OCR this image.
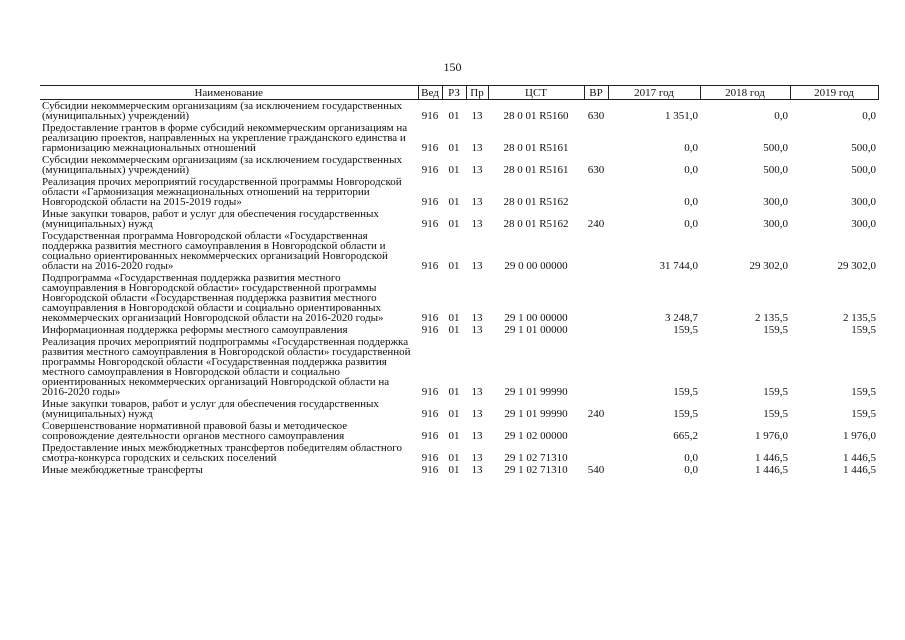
150
Наименование	Вед	РЗ	Пр	ЦСТ	ВР	2017 год	2018 год	2019 год
Субсидии некоммерческим организациям (за исключением государственных (муниципальных) учреждений)	916	01	13	28 0 01 R5160	630	1 351,0	0,0	0,0
Предоставление грантов в форме субсидий некоммерческим организациям на реализацию проектов, направленных на укрепление гражданского единства и гармонизацию межнациональных отношений	916	01	13	28 0 01 R5161		0,0	500,0	500,0
Субсидии некоммерческим организациям (за исключением государственных (муниципальных) учреждений)	916	01	13	28 0 01 R5161	630	0,0	500,0	500,0
Реализация прочих мероприятий государственной программы Новгородской области «Гармонизация межнациональных отношений на территории Новгородской области на 2015-2019 годы»	916	01	13	28 0 01 R5162		0,0	300,0	300,0
Иные закупки товаров, работ и услуг для обеспечения государственных (муниципальных) нужд	916	01	13	28 0 01 R5162	240	0,0	300,0	300,0
Государственная программа Новгородской области «Государственная поддержка развития местного самоуправления в Новгородской области и социально ориентированных некоммерческих организаций Новгородской области на 2016-2020 годы»	916	01	13	29 0 00 00000		31 744,0	29 302,0	29 302,0
Подпрограмма «Государственная поддержка развития местного самоуправления в Новгородской области» государственной программы Новгородской области «Государственная поддержка развития местного самоуправления в Новгородской области и социально ориентированных некоммерческих организаций Новгородской области на 2016-2020 годы»	916	01	13	29 1 00 00000		3 248,7	2 135,5	2 135,5
Информационная поддержка реформы местного самоуправления	916	01	13	29 1 01 00000		159,5	159,5	159,5
Реализация прочих мероприятий подпрограммы «Государственная поддержка развития местного самоуправления в Новгородской области» государственной программы Новгородской области «Государственная поддержка развития местного самоуправления в Новгородской области и социально ориентированных некоммерческих организаций Новгородской области на 2016-2020 годы»	916	01	13	29 1 01 99990		159,5	159,5	159,5
Иные закупки товаров, работ и услуг для обеспечения государственных (муниципальных) нужд	916	01	13	29 1 01 99990	240	159,5	159,5	159,5
Совершенствование нормативной правовой базы и методическое сопровождение деятельности органов местного самоуправления	916	01	13	29 1 02 00000		665,2	1 976,0	1 976,0
Предоставление иных межбюджетных трансфертов победителям областного смотра-конкурса городских и сельских поселений	916	01	13	29 1 02 71310		0,0	1 446,5	1 446,5
Иные межбюджетные трансферты	916	01	13	29 1 02 71310	540	0,0	1 446,5	1 446,5
